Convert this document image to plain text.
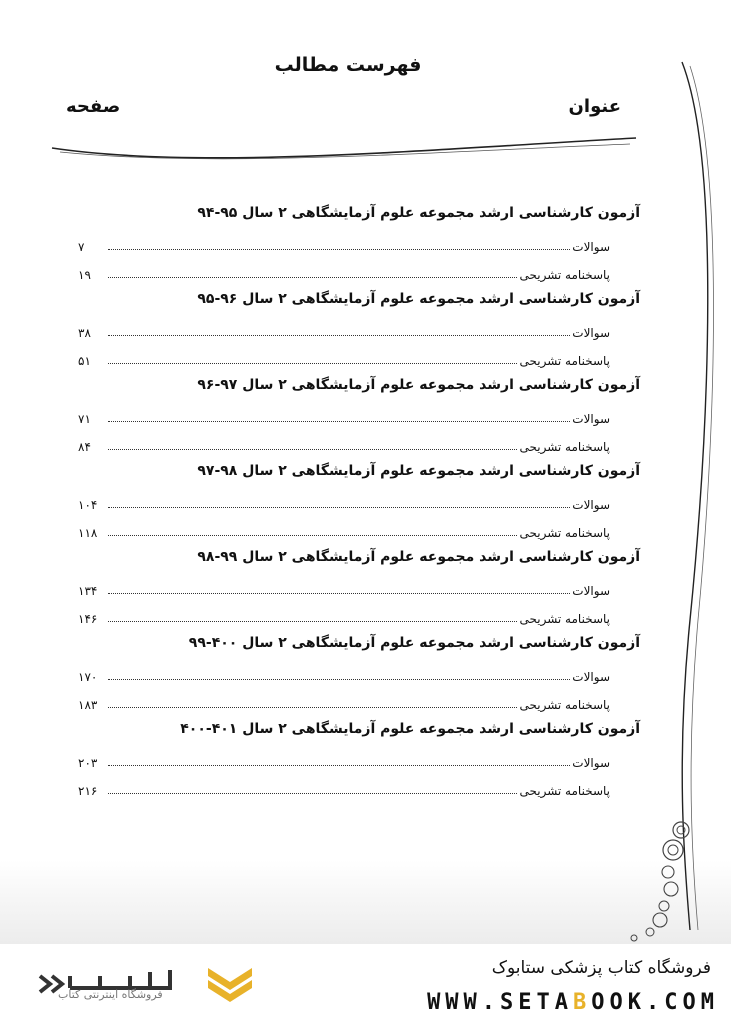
فهرست مطالب
عنوان
صفحه
آزمون کارشناسی ارشد مجموعه علوم آزمایشگاهی ۲ سال ۹۵-۹۴
سوالات
۷
پاسخنامه تشریحی
۱۹
آزمون کارشناسی ارشد مجموعه علوم آزمایشگاهی ۲ سال ۹۶-۹۵
سوالات
۳۸
پاسخنامه تشریحی
۵۱
آزمون کارشناسی ارشد مجموعه علوم آزمایشگاهی ۲ سال ۹۷-۹۶
سوالات
۷۱
پاسخنامه تشریحی
۸۴
آزمون کارشناسی ارشد مجموعه علوم آزمایشگاهی ۲ سال ۹۸-۹۷
سوالات
۱۰۴
پاسخنامه تشریحی
۱۱۸
آزمون کارشناسی ارشد مجموعه علوم آزمایشگاهی ۲ سال ۹۹-۹۸
سوالات
۱۳۴
پاسخنامه تشریحی
۱۴۶
آزمون کارشناسی ارشد مجموعه علوم آزمایشگاهی ۲ سال ۴۰۰-۹۹
سوالات
۱۷۰
پاسخنامه تشریحی
۱۸۳
آزمون کارشناسی ارشد مجموعه علوم آزمایشگاهی ۲ سال ۴۰۱-۴۰۰
سوالات
۲۰۳
پاسخنامه تشریحی
۲۱۶
فروشگاه کتاب پزشکی ستابوک
WWW.SETABOOK.COM
فروشگاه اینترنتی کتاب
